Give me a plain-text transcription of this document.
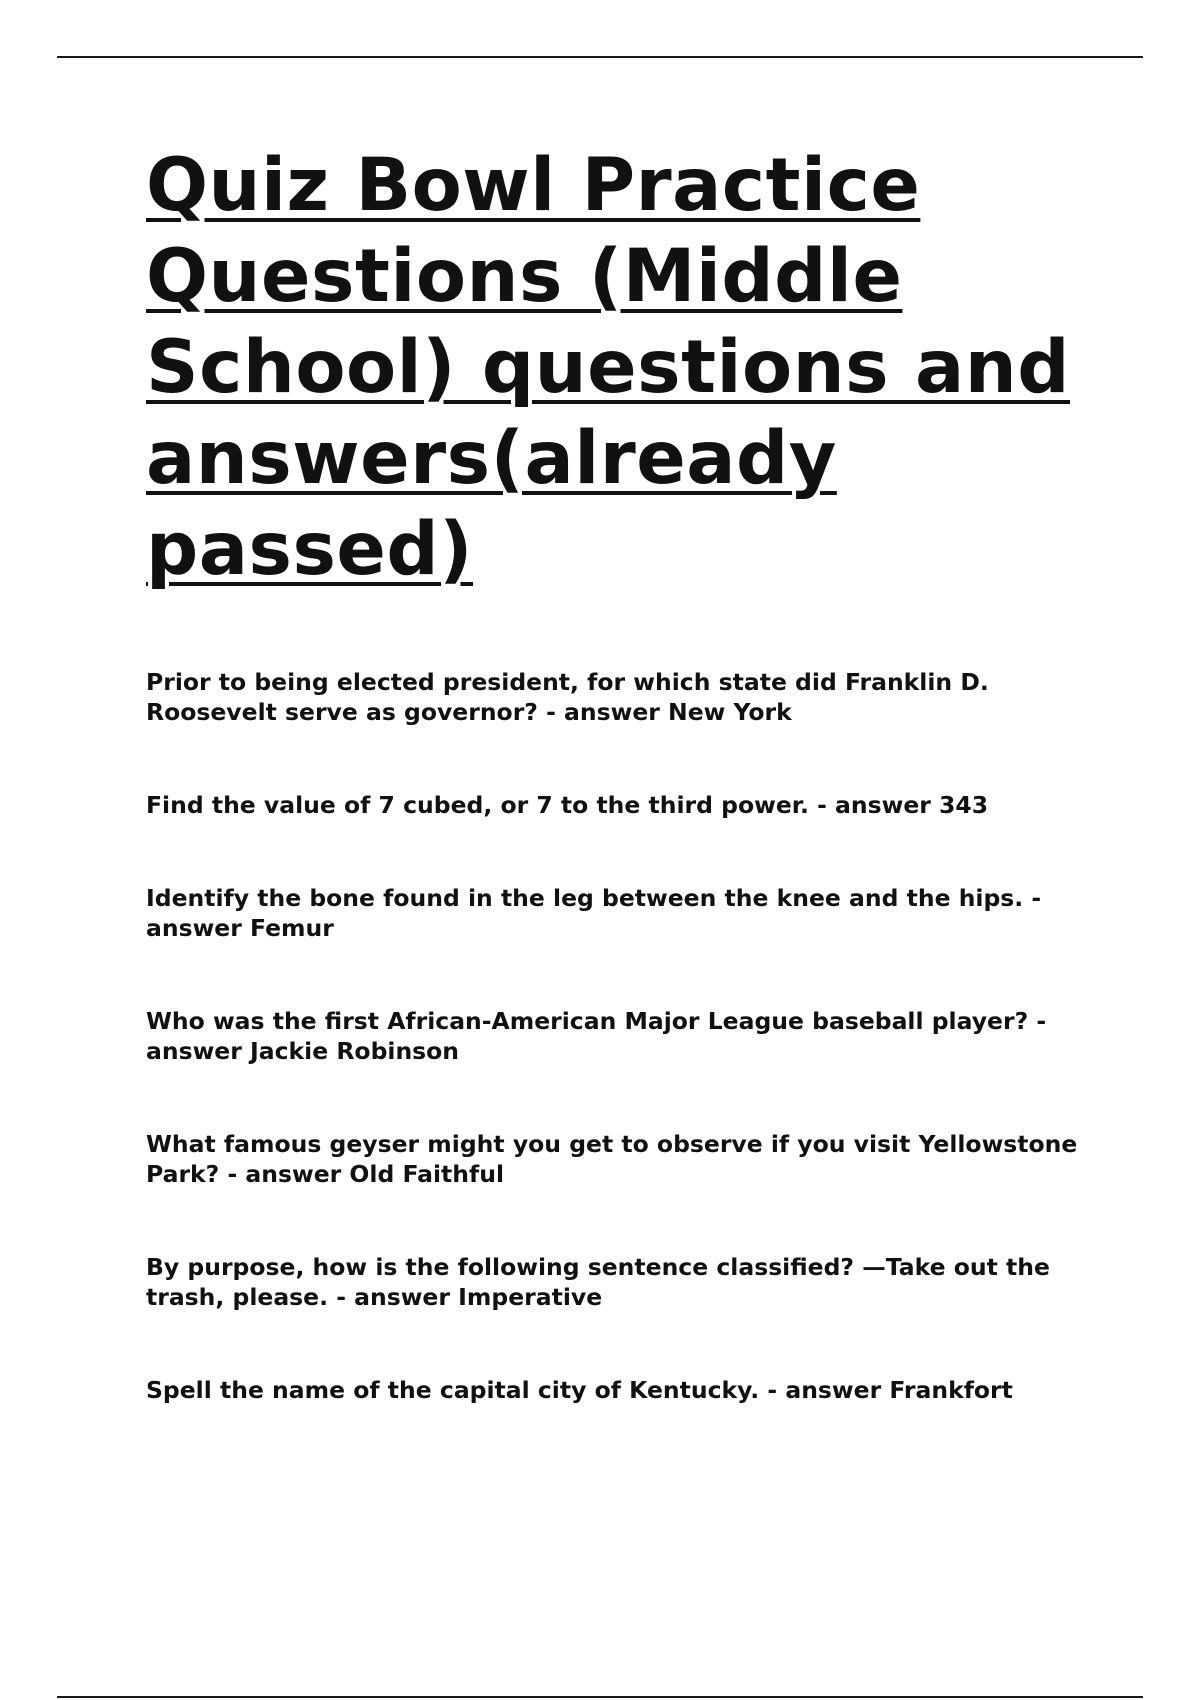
Quiz Bowl Practice Questions (Middle School) questions and answers(already passed)

Prior to being elected president, for which state did Franklin D. Roosevelt serve as governor? - answer New York

Find the value of 7 cubed, or 7 to the third power. - answer 343

Identify the bone found in the leg between the knee and the hips. - answer Femur

Who was the first African-American Major League baseball player? - answer Jackie Robinson

What famous geyser might you get to observe if you visit Yellowstone Park? - answer Old Faithful

By purpose, how is the following sentence classified? —Take out the trash, please. - answer Imperative

Spell the name of the capital city of Kentucky. - answer Frankfort
